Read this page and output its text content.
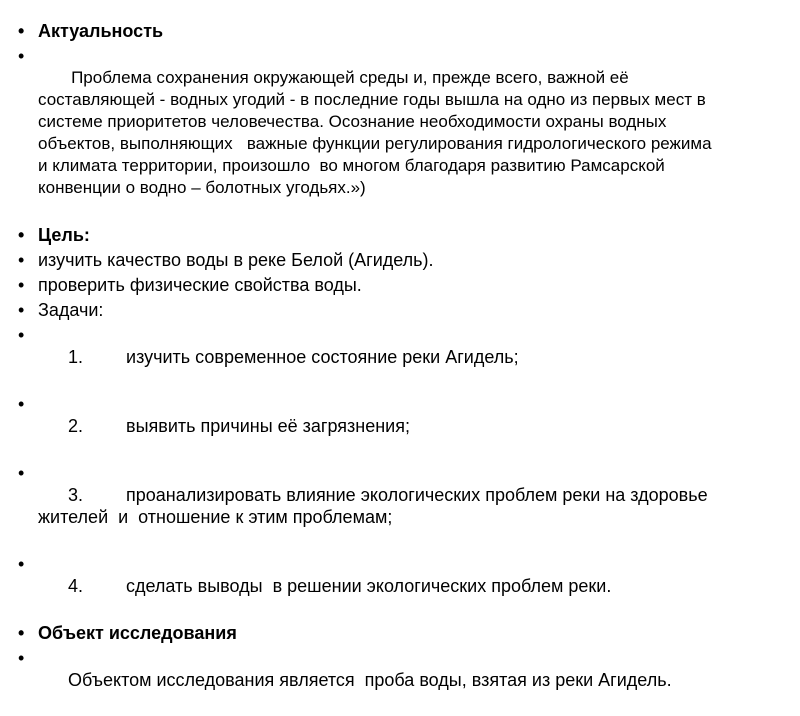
• Актуальность

•  Проблема сохранения окружающей среды и, прежде всего, важной её составляющей - водных угодий - в последние годы вышла на одно из первых мест в системе приоритетов человечества. Осознание необходимости охраны водных объектов, выполняющих   важные функции регулирования гидрологического режима и климата территории, произошло  во многом благодаря развитию Рамсарской конвенции о водно – болотных угодьях.»)

• Цель:
• изучить качество воды в реке Белой (Агидель).
• проверить физические свойства воды.
• Задачи:

• 1. изучить современное состояние реки Агидель;

• 2. выявить причины её загрязнения;

• 3. проанализировать влияние экологических проблем реки на здоровье жителей  и  отношение к этим проблемам;

• 4. сделать выводы  в решении экологических проблем реки.

• Объект исследования

• Объектом исследования является  проба воды, взятая из реки Агидель.
